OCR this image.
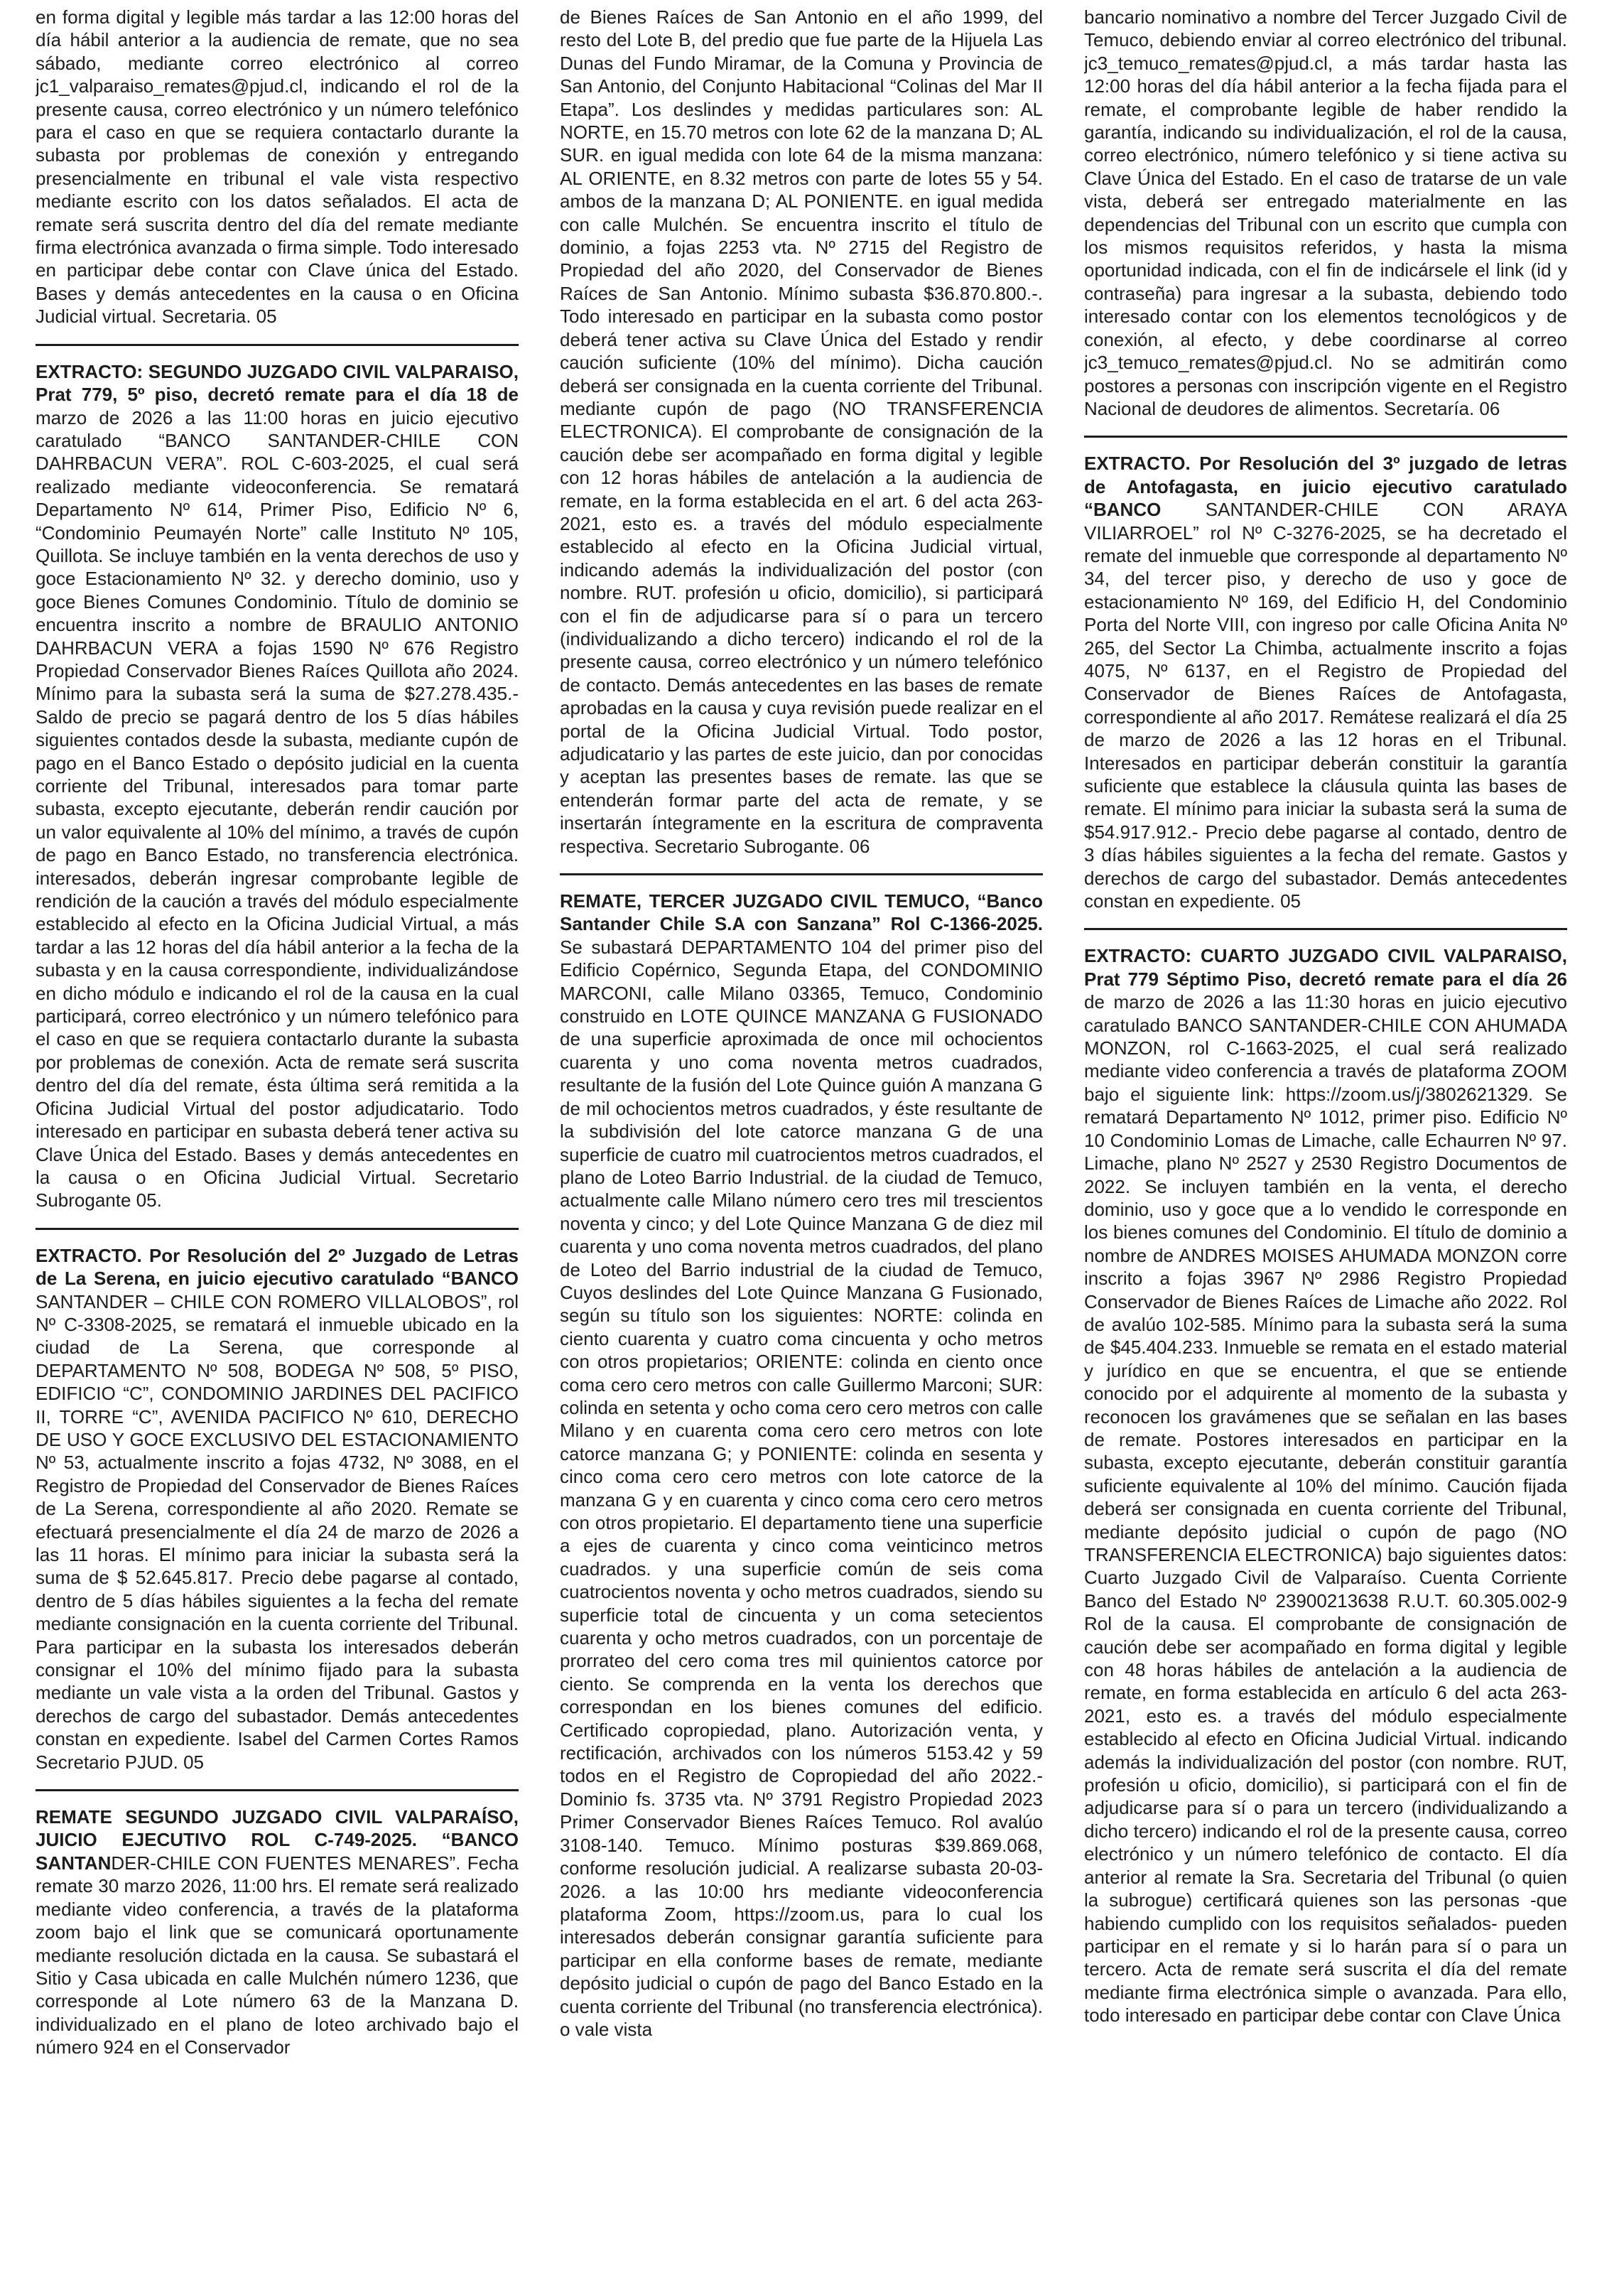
en forma digital y legible más tardar a las 12:00 horas del día hábil anterior a la audiencia de remate, que no sea sábado, mediante correo electrónico al correo jc1_valparaiso_remates@pjud.cl, indicando el rol de la presente causa, correo electrónico y un número telefónico para el caso en que se requiera contactarlo durante la subasta por problemas de conexión y entregando presencialmente en tribunal el vale vista respectivo mediante escrito con los datos señalados. El acta de remate será suscrita dentro del día del remate mediante firma electrónica avanzada o firma simple. Todo interesado en participar debe contar con Clave única del Estado. Bases y demás antecedentes en la causa o en Oficina Judicial virtual. Secretaria. 05

EXTRACTO: SEGUNDO JUZGADO CIVIL VALPARAISO, Prat 779, 5º piso, decretó remate para el día 18 de marzo de 2026 a las 11:00 horas en juicio ejecutivo caratulado “BANCO SANTANDER-CHILE CON DAHRBACUN VERA”. ROL C-603-2025, el cual será realizado mediante videoconferencia. Se rematará Departamento Nº 614, Primer Piso, Edificio Nº 6, “Condominio Peumayén Norte” calle Instituto Nº 105, Quillota. Se incluye también en la venta derechos de uso y goce Estacionamiento Nº 32. y derecho dominio, uso y goce Bienes Comunes Condominio. Título de dominio se encuentra inscrito a nombre de BRAULIO ANTONIO DAHRBACUN VERA a fojas 1590 Nº 676 Registro Propiedad Conservador Bienes Raíces Quillota año 2024. Mínimo para la subasta será la suma de $27.278.435.- Saldo de precio se pagará dentro de los 5 días hábiles siguientes contados desde la subasta, mediante cupón de pago en el Banco Estado o depósito judicial en la cuenta corriente del Tribunal, interesados para tomar parte subasta, excepto ejecutante, deberán rendir caución por un valor equivalente al 10% del mínimo, a través de cupón de pago en Banco Estado, no transferencia electrónica. interesados, deberán ingresar comprobante legible de rendición de la caución a través del módulo especialmente establecido al efecto en la Oficina Judicial Virtual, a más tardar a las 12 horas del día hábil anterior a la fecha de la subasta y en la causa correspondiente, individualizándose en dicho módulo e indicando el rol de la causa en la cual participará, correo electrónico y un número telefónico para el caso en que se requiera contactarlo durante la subasta por problemas de conexión. Acta de remate será suscrita dentro del día del remate, ésta última será remitida a la Oficina Judicial Virtual del postor adjudicatario. Todo interesado en participar en subasta deberá tener activa su Clave Única del Estado. Bases y demás antecedentes en la causa o en Oficina Judicial Virtual. Secretario Subrogante 05.

EXTRACTO. Por Resolución del 2º Juzgado de Letras de La Serena, en juicio ejecutivo caratulado “BANCO SANTANDER – CHILE CON ROMERO VILLALOBOS”, rol Nº C-3308-2025, se rematará el inmueble ubicado en la ciudad de La Serena, que corresponde al DEPARTAMENTO Nº 508, BODEGA Nº 508, 5º PISO, EDIFICIO “C”, CONDOMINIO JARDINES DEL PACIFICO II, TORRE “C”, AVENIDA PACIFICO Nº 610, DERECHO DE USO Y GOCE EXCLUSIVO DEL ESTACIONAMIENTO Nº 53, actualmente inscrito a fojas 4732, Nº 3088, en el Registro de Propiedad del Conservador de Bienes Raíces de La Serena, correspondiente al año 2020. Remate se efectuará presencialmente el día 24 de marzo de 2026 a las 11 horas. El mínimo para iniciar la subasta será la suma de $ 52.645.817. Precio debe pagarse al contado, dentro de 5 días hábiles siguientes a la fecha del remate mediante consignación en la cuenta corriente del Tribunal. Para participar en la subasta los interesados deberán consignar el 10% del mínimo fijado para la subasta mediante un vale vista a la orden del Tribunal. Gastos y derechos de cargo del subastador. Demás antecedentes constan en expediente. Isabel del Carmen Cortes Ramos Secretario PJUD. 05

REMATE SEGUNDO JUZGADO CIVIL VALPARAÍSO, JUICIO EJECUTIVO ROL C-749-2025. “BANCO SANTANDER-CHILE CON FUENTES MENARES”. Fecha remate 30 marzo 2026, 11:00 hrs. El remate será realizado mediante video conferencia, a través de la plataforma zoom bajo el link que se comunicará oportunamente mediante resolución dictada en la causa. Se subastará el Sitio y Casa ubicada en calle Mulchén número 1236, que corresponde al Lote número 63 de la Manzana D. individualizado en el plano de loteo archivado bajo el número 924 en el Conservador

de Bienes Raíces de San Antonio en el año 1999, del resto del Lote B, del predio que fue parte de la Hijuela Las Dunas del Fundo Miramar, de la Comuna y Provincia de San Antonio, del Conjunto Habitacional “Colinas del Mar II Etapa”. Los deslindes y medidas particulares son: AL NORTE, en 15.70 metros con lote 62 de la manzana D; AL SUR. en igual medida con lote 64 de la misma manzana: AL ORIENTE, en 8.32 metros con parte de lotes 55 y 54. ambos de la manzana D; AL PONIENTE. en igual medida con calle Mulchén. Se encuentra inscrito el título de dominio, a fojas 2253 vta. Nº 2715 del Registro de Propiedad del año 2020, del Conservador de Bienes Raíces de San Antonio. Mínimo subasta $36.870.800.-. Todo interesado en participar en la subasta como postor deberá tener activa su Clave Única del Estado y rendir caución suficiente (10% del mínimo). Dicha caución deberá ser consignada en la cuenta corriente del Tribunal. mediante cupón de pago (NO TRANSFERENCIA ELECTRONICA). El comprobante de consignación de la caución debe ser acompañado en forma digital y legible con 12 horas hábiles de antelación a la audiencia de remate, en la forma establecida en el art. 6 del acta 263-2021, esto es. a través del módulo especialmente establecido al efecto en la Oficina Judicial virtual, indicando además la individualización del postor (con nombre. RUT. profesión u oficio, domicilio), si participará con el fin de adjudicarse para sí o para un tercero (individualizando a dicho tercero) indicando el rol de la presente causa, correo electrónico y un número telefónico de contacto. Demás antecedentes en las bases de remate aprobadas en la causa y cuya revisión puede realizar en el portal de la Oficina Judicial Virtual. Todo postor, adjudicatario y las partes de este juicio, dan por conocidas y aceptan las presentes bases de remate. las que se entenderán formar parte del acta de remate, y se insertarán íntegramente en la escritura de compraventa respectiva. Secretario Subrogante. 06

REMATE, TERCER JUZGADO CIVIL TEMUCO, “Banco Santander Chile S.A con Sanzana” Rol C-1366-2025. Se subastará DEPARTAMENTO 104 del primer piso del Edificio Copérnico, Segunda Etapa, del CONDOMINIO MARCONI, calle Milano 03365, Temuco, Condominio construido en LOTE QUINCE MANZANA G FUSIONADO de una superficie aproximada de once mil ochocientos cuarenta y uno coma noventa metros cuadrados, resultante de la fusión del Lote Quince guión A manzana G de mil ochocientos metros cuadrados, y éste resultante de la subdivisión del lote catorce manzana G de una superficie de cuatro mil cuatrocientos metros cuadrados, el plano de Loteo Barrio Industrial. de la ciudad de Temuco, actualmente calle Milano número cero tres mil trescientos noventa y cinco; y del Lote Quince Manzana G de diez mil cuarenta y uno coma noventa metros cuadrados, del plano de Loteo del Barrio industrial de la ciudad de Temuco, Cuyos deslindes del Lote Quince Manzana G Fusionado, según su título son los siguientes: NORTE: colinda en ciento cuarenta y cuatro coma cincuenta y ocho metros con otros propietarios; ORIENTE: colinda en ciento once coma cero cero metros con calle Guillermo Marconi; SUR: colinda en setenta y ocho coma cero cero metros con calle Milano y en cuarenta coma cero cero metros con lote catorce manzana G; y PONIENTE: colinda en sesenta y cinco coma cero cero metros con lote catorce de la manzana G y en cuarenta y cinco coma cero cero metros con otros propietario. El departamento tiene una superficie a ejes de cuarenta y cinco coma veinticinco metros cuadrados. y una superficie común de seis coma cuatrocientos noventa y ocho metros cuadrados, siendo su superficie total de cincuenta y un coma setecientos cuarenta y ocho metros cuadrados, con un porcentaje de prorrateo del cero coma tres mil quinientos catorce por ciento. Se comprenda en la venta los derechos que correspondan en los bienes comunes del edificio. Certificado copropiedad, plano. Autorización venta, y rectificación, archivados con los números 5153.42 y 59 todos en el Registro de Copropiedad del año 2022.- Dominio fs. 3735 vta. Nº 3791 Registro Propiedad 2023 Primer Conservador Bienes Raíces Temuco. Rol avalúo 3108-140. Temuco. Mínimo posturas $39.869.068, conforme resolución judicial. A realizarse subasta 20-03-2026. a las 10:00 hrs mediante videoconferencia plataforma Zoom, https://zoom.us, para lo cual los interesados deberán consignar garantía suficiente para participar en ella conforme bases de remate, mediante depósito judicial o cupón de pago del Banco Estado en la cuenta corriente del Tribunal (no transferencia electrónica). o vale vista

bancario nominativo a nombre del Tercer Juzgado Civil de Temuco, debiendo enviar al correo electrónico del tribunal. jc3_temuco_remates@pjud.cl, a más tardar hasta las 12:00 horas del día hábil anterior a la fecha fijada para el remate, el comprobante legible de haber rendido la garantía, indicando su individualización, el rol de la causa, correo electrónico, número telefónico y si tiene activa su Clave Única del Estado. En el caso de tratarse de un vale vista, deberá ser entregado materialmente en las dependencias del Tribunal con un escrito que cumpla con los mismos requisitos referidos, y hasta la misma oportunidad indicada, con el fin de indicársele el link (id y contraseña) para ingresar a la subasta, debiendo todo interesado contar con los elementos tecnológicos y de conexión, al efecto, y debe coordinarse al correo jc3_temuco_remates@pjud.cl. No se admitirán como postores a personas con inscripción vigente en el Registro Nacional de deudores de alimentos. Secretaría. 06

EXTRACTO. Por Resolución del 3º juzgado de letras de Antofagasta, en juicio ejecutivo caratulado “BANCO SANTANDER-CHILE CON ARAYA VILIARROEL” rol Nº C-3276-2025, se ha decretado el remate del inmueble que corresponde al departamento Nº 34, del tercer piso, y derecho de uso y goce de estacionamiento Nº 169, del Edificio H, del Condominio Porta del Norte VIII, con ingreso por calle Oficina Anita Nº 265, del Sector La Chimba, actualmente inscrito a fojas 4075, Nº 6137, en el Registro de Propiedad del Conservador de Bienes Raíces de Antofagasta, correspondiente al año 2017. Remátese realizará el día 25 de marzo de 2026 a las 12 horas en el Tribunal. Interesados en participar deberán constituir la garantía suficiente que establece la cláusula quinta las bases de remate. El mínimo para iniciar la subasta será la suma de $54.917.912.- Precio debe pagarse al contado, dentro de 3 días hábiles siguientes a la fecha del remate. Gastos y derechos de cargo del subastador. Demás antecedentes constan en expediente. 05

EXTRACTO: CUARTO JUZGADO CIVIL VALPARAISO, Prat 779 Séptimo Piso, decretó remate para el día 26 de marzo de 2026 a las 11:30 horas en juicio ejecutivo caratulado BANCO SANTANDER-CHILE CON AHUMADA MONZON, rol C-1663-2025, el cual será realizado mediante video conferencia a través de plataforma ZOOM bajo el siguiente link: https://zoom.us/j/3802621329. Se rematará Departamento Nº 1012, primer piso. Edificio Nº 10 Condominio Lomas de Limache, calle Echaurren Nº 97. Limache, plano Nº 2527 y 2530 Registro Documentos de 2022. Se incluyen también en la venta, el derecho dominio, uso y goce que a lo vendido le corresponde en los bienes comunes del Condominio. El título de dominio a nombre de ANDRES MOISES AHUMADA MONZON corre inscrito a fojas 3967 Nº 2986 Registro Propiedad Conservador de Bienes Raíces de Limache año 2022. Rol de avalúo 102-585. Mínimo para la subasta será la suma de $45.404.233. Inmueble se remata en el estado material y jurídico en que se encuentra, el que se entiende conocido por el adquirente al momento de la subasta y reconocen los gravámenes que se señalan en las bases de remate. Postores interesados en participar en la subasta, excepto ejecutante, deberán constituir garantía suficiente equivalente al 10% del mínimo. Caución fijada deberá ser consignada en cuenta corriente del Tribunal, mediante depósito judicial o cupón de pago (NO TRANSFERENCIA ELECTRONICA) bajo siguientes datos: Cuarto Juzgado Civil de Valparaíso. Cuenta Corriente Banco del Estado Nº 23900213638 R.U.T. 60.305.002-9 Rol de la causa. El comprobante de consignación de caución debe ser acompañado en forma digital y legible con 48 horas hábiles de antelación a la audiencia de remate, en forma establecida en artículo 6 del acta 263-2021, esto es. a través del módulo especialmente establecido al efecto en Oficina Judicial Virtual. indicando además la individualización del postor (con nombre. RUT, profesión u oficio, domicilio), si participará con el fin de adjudicarse para sí o para un tercero (individualizando a dicho tercero) indicando el rol de la presente causa, correo electrónico y un número telefónico de contacto. El día anterior al remate la Sra. Secretaria del Tribunal (o quien la subrogue) certificará quienes son las personas -que habiendo cumplido con los requisitos señalados- pueden participar en el remate y si lo harán para sí o para un tercero. Acta de remate será suscrita el día del remate mediante firma electrónica simple o avanzada. Para ello, todo interesado en participar debe contar con Clave Única
